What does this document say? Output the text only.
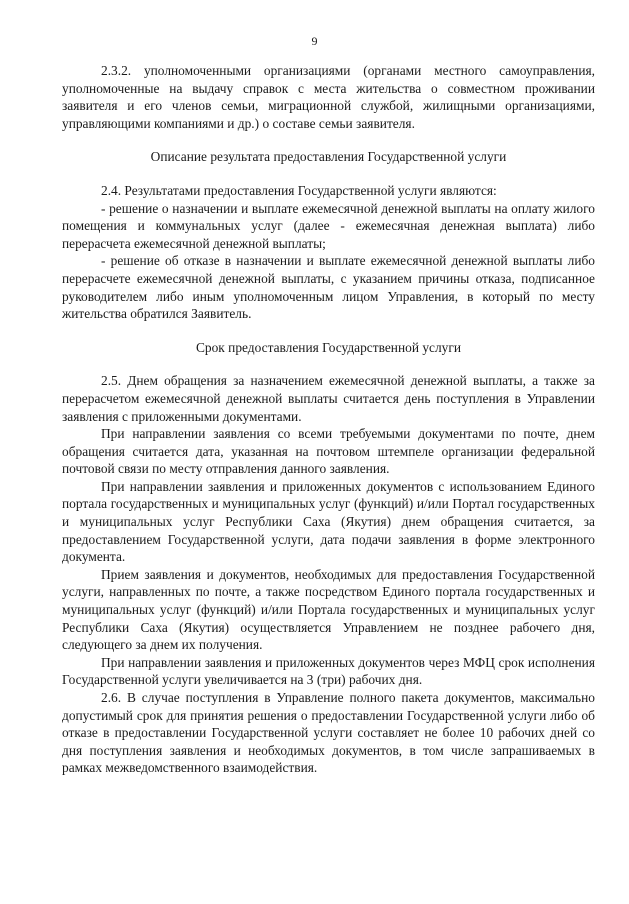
9

2.3.2. уполномоченными организациями (органами местного самоуправления, уполномоченные на выдачу справок с места жительства о совместном проживании заявителя и его членов семьи, миграционной службой, жилищными организациями, управляющими компаниями и др.) о составе семьи заявителя.

Описание результата предоставления Государственной услуги

2.4. Результатами предоставления Государственной услуги являются:

- решение о назначении и выплате ежемесячной денежной выплаты на оплату жилого помещения и коммунальных услуг (далее - ежемесячная денежная выплата) либо перерасчета ежемесячной денежной выплаты;

- решение об отказе в назначении и выплате ежемесячной денежной выплаты либо перерасчете ежемесячной денежной выплаты, с указанием причины отказа, подписанное руководителем либо иным уполномоченным лицом Управления, в который по месту жительства обратился Заявитель.

Срок предоставления Государственной услуги

2.5. Днем обращения за назначением ежемесячной денежной выплаты, а также за перерасчетом ежемесячной денежной выплаты считается день поступления в Управлении заявления с приложенными документами.

При направлении заявления со всеми требуемыми документами по почте, днем обращения считается дата, указанная на почтовом штемпеле организации федеральной почтовой связи по месту отправления данного заявления.

При направлении заявления и приложенных документов с использованием Единого портала государственных и муниципальных услуг (функций) и/или Портал государственных и муниципальных услуг Республики Саха (Якутия) днем обращения считается, за предоставлением Государственной услуги, дата подачи заявления в форме электронного документа.

Прием заявления и документов, необходимых для предоставления Государственной услуги, направленных по почте, а также посредством Единого портала государственных и муниципальных услуг (функций) и/или Портала государственных и муниципальных услуг Республики Саха (Якутия) осуществляется Управлением не позднее рабочего дня, следующего за днем их получения.

При направлении заявления и приложенных документов через МФЦ срок исполнения Государственной услуги увеличивается на 3 (три) рабочих дня.

2.6. В случае поступления в Управление полного пакета документов, максимально допустимый срок для принятия решения о предоставлении Государственной услуги либо об отказе в предоставлении Государственной услуги составляет не более 10 рабочих дней со дня поступления заявления и необходимых документов, в том числе запрашиваемых в рамках межведомственного взаимодействия.
